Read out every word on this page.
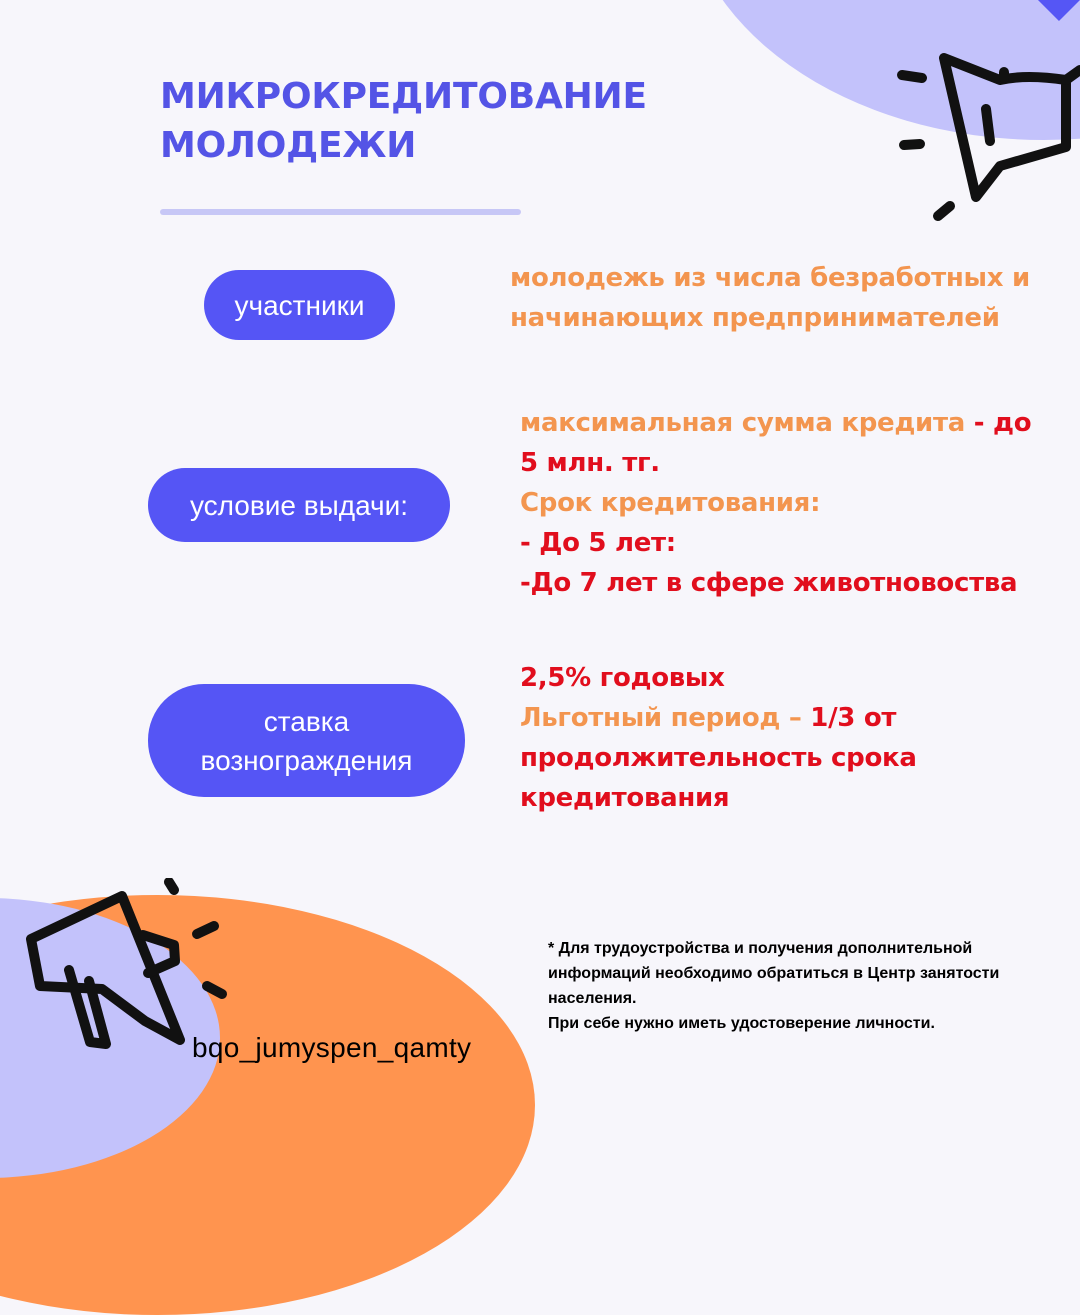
МИКРОКРЕДИТОВАНИЕ
МОЛОДЕЖИ
участники

молодежь из числа безработных и
начинающих предпринимателей

условие выдачи:

максимальная сумма кредита - до
5 млн. тг.
Срок кредитования:
- До 5 лет:
-До 7 лет в сфере животновоства

ставка
вознограждения

2,5% годовых
Льготный период – 1/3 от
продолжительность срока
кредитования

* Для трудоустройства и получения дополнительной
информаций необходимо обратиться в Центр занятости
населения.
При себе нужно иметь удостоверение личности.

bqo_jumyspen_qamty
